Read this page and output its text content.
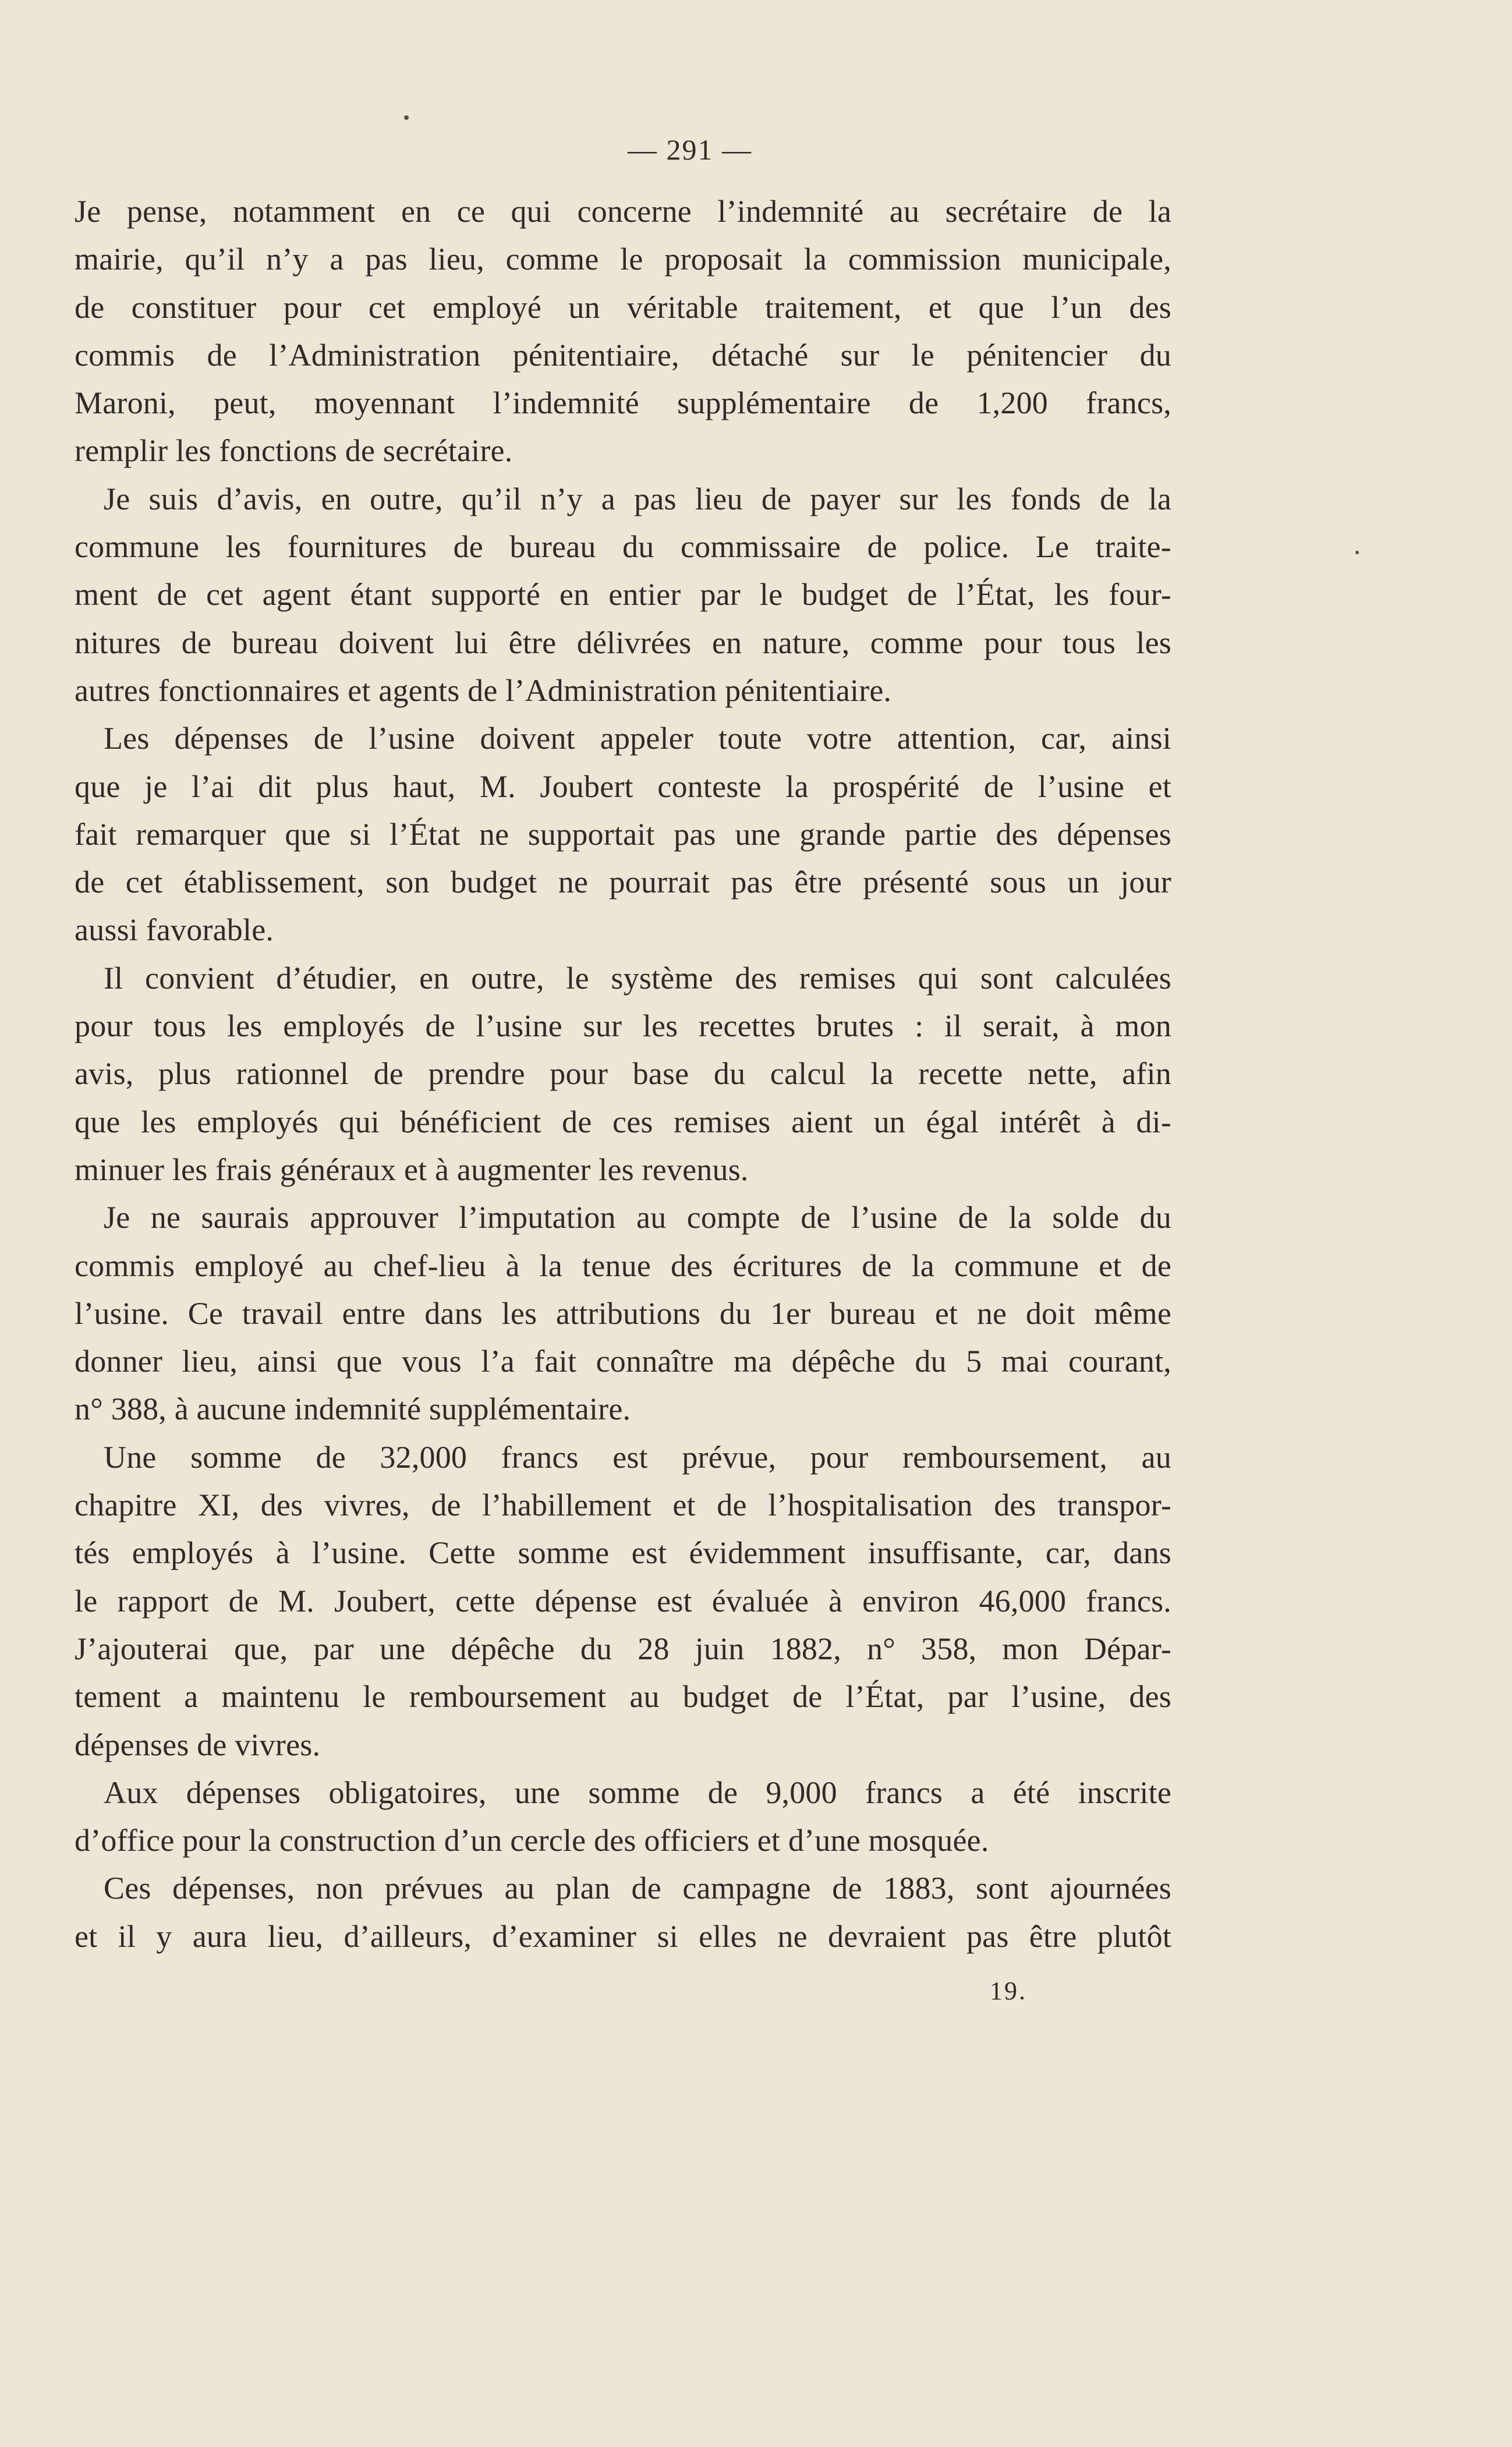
— 291 —
Je pense, notamment en ce qui concerne l’indemnité au secrétaire de la
mairie, qu’il n’y a pas lieu, comme le proposait la commission municipale,
de constituer pour cet employé un véritable traitement, et que l’un des
commis de l’Administration pénitentiaire, détaché sur le pénitencier du
Maroni, peut, moyennant l’indemnité supplémentaire de 1,200 francs,
remplir les fonctions de secrétaire.
Je suis d’avis, en outre, qu’il n’y a pas lieu de payer sur les fonds de la
commune les fournitures de bureau du commissaire de police. Le traite-
ment de cet agent étant supporté en entier par le budget de l’État, les four-
nitures de bureau doivent lui être délivrées en nature, comme pour tous les
autres fonctionnaires et agents de l’Administration pénitentiaire.
Les dépenses de l’usine doivent appeler toute votre attention, car, ainsi
que je l’ai dit plus haut, M. Joubert conteste la prospérité de l’usine et
fait remarquer que si l’État ne supportait pas une grande partie des dépenses
de cet établissement, son budget ne pourrait pas être présenté sous un jour
aussi favorable.
Il convient d’étudier, en outre, le système des remises qui sont calculées
pour tous les employés de l’usine sur les recettes brutes : il serait, à mon
avis, plus rationnel de prendre pour base du calcul la recette nette, afin
que les employés qui bénéficient de ces remises aient un égal intérêt à di-
minuer les frais généraux et à augmenter les revenus.
Je ne saurais approuver l’imputation au compte de l’usine de la solde du
commis employé au chef-lieu à la tenue des écritures de la commune et de
l’usine. Ce travail entre dans les attributions du 1er bureau et ne doit même
donner lieu, ainsi que vous l’a fait connaître ma dépêche du 5 mai courant,
n° 388, à aucune indemnité supplémentaire.
Une somme de 32,000 francs est prévue, pour remboursement, au
chapitre XI, des vivres, de l’habillement et de l’hospitalisation des transpor-
tés employés à l’usine. Cette somme est évidemment insuffisante, car, dans
le rapport de M. Joubert, cette dépense est évaluée à environ 46,000 francs.
J’ajouterai que, par une dépêche du 28 juin 1882, n° 358, mon Dépar-
tement a maintenu le remboursement au budget de l’État, par l’usine, des
dépenses de vivres.
Aux dépenses obligatoires, une somme de 9,000 francs a été inscrite
d’office pour la construction d’un cercle des officiers et d’une mosquée.
Ces dépenses, non prévues au plan de campagne de 1883, sont ajournées
et il y aura lieu, d’ailleurs, d’examiner si elles ne devraient pas être plutôt
19.
